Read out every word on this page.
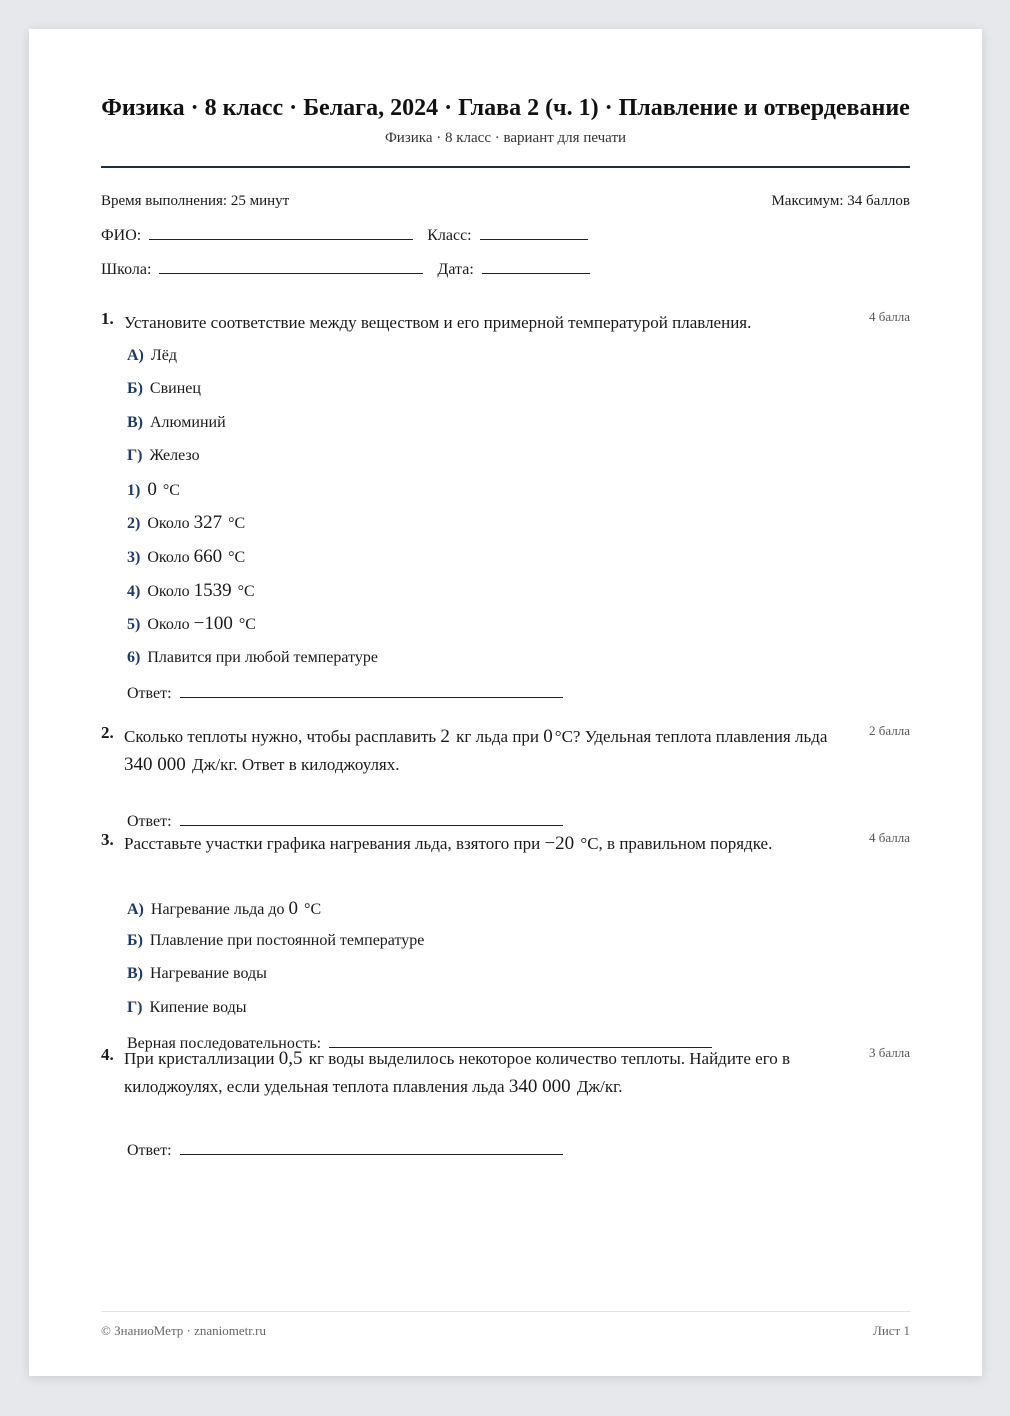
Физика · 8 класс · Белага, 2024 · Глава 2 (ч. 1) · Плавление и отвердевание
Физика · 8 класс · вариант для печати
Время выполнения: 25 минут	Максимум: 34 баллов
ФИО:	Класс:
Школа:	Дата:
1. Установите соответствие между веществом и его примерной температурой плавления.	4 балла
А) Лёд
Б) Свинец
В) Алюминий
Г) Железо
1) 0 °C
2) Около 327 °C
3) Около 660 °C
4) Около 1539 °C
5) Около −100 °C
6) Плавится при любой температуре
Ответ:
2. Сколько теплоты нужно, чтобы расплавить 2 кг льда при 0 °C? Удельная теплота плавления льда 340 000 Дж/кг. Ответ в килоджоулях.
2 балла
Ответ:
3. Расставьте участки графика нагревания льда, взятого при −20 °C, в правильном порядке.	4 балла
А) Нагревание льда до 0 °C
Б) Плавление при постоянной температуре
В) Нагревание воды
Г) Кипение воды
Верная последовательность:
4. При кристаллизации 0,5 кг воды выделилось некоторое количество теплоты. Найдите его в килоджоулях, если удельная теплота плавления льда 340 000 Дж/кг.
3 балла
Ответ:
© ЗнаниоМетр · znaniometr.ru	Лист 1
